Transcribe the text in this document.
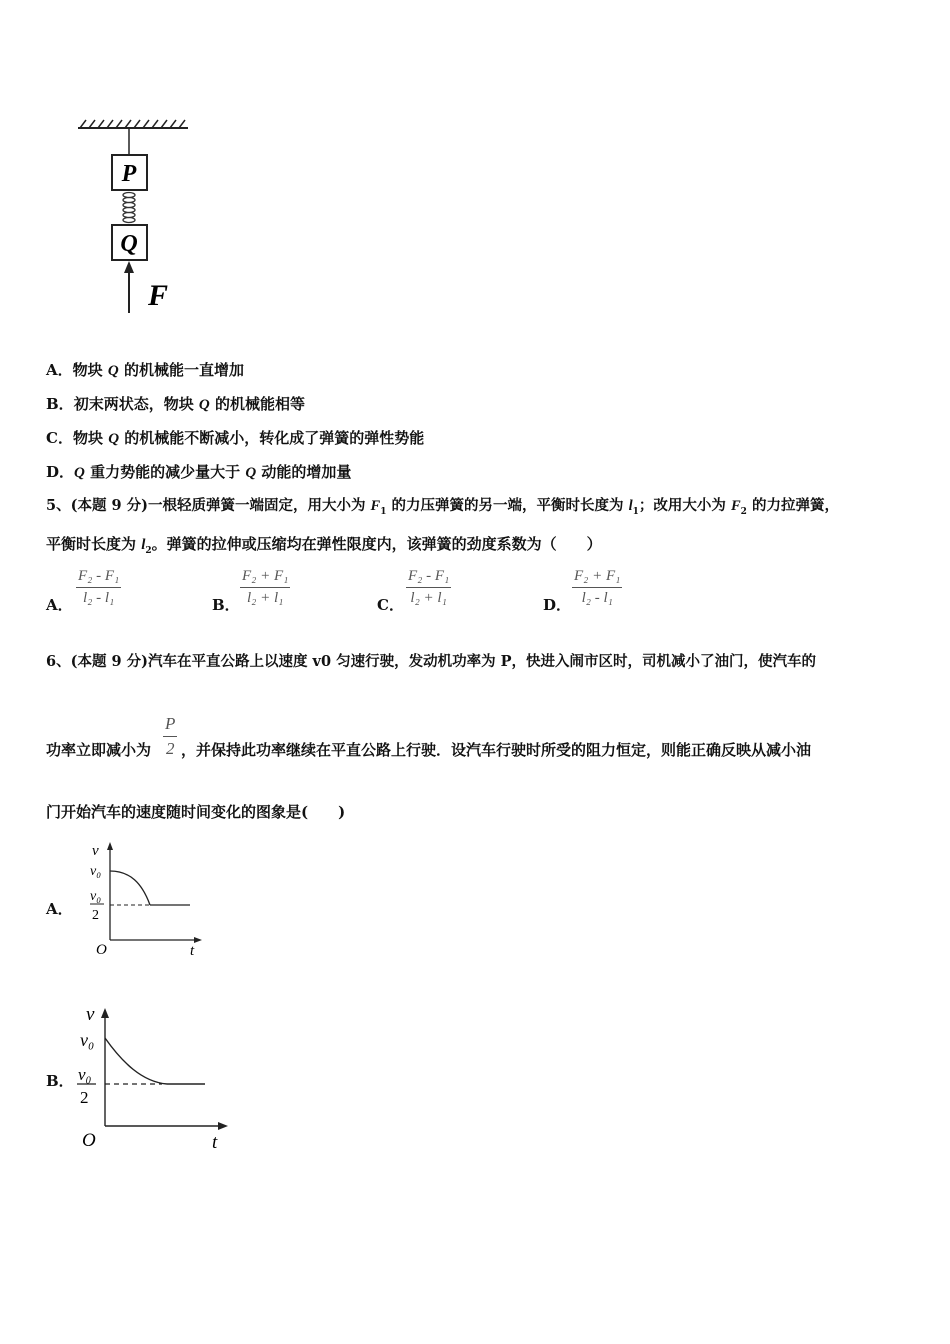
P
Q
F
A．物块 Q 的机械能一直增加
B．初末两状态，物块 Q 的机械能相等
C．物块 Q 的机械能不断减小，转化成了弹簧的弹性势能
D．Q 重力势能的减少量大于 Q 动能的增加量
5、(本题 9 分)一根轻质弹簧一端固定，用大小为 $F_1$ 的力压弹簧的另一端，平衡时长度为 $l_1$；改用大小为 $F_2$ 的力拉弹簧，
平衡时长度为 $l_2$。弹簧的拉伸或压缩均在弹性限度内，该弹簧的劲度系数为（　　）
A．
F₂ - F₁
l₂ - l₁	B．
F₂ + F₁
l₂ + l₁	C．
F₂ - F₁
l₂ + l₁	D．
F₂ + F₁
l₂ - l₁
6、(本题 9 分)汽车在平直公路上以速度 v0 匀速行驶，发动机功率为 P，快进入闹市区时，司机减小了油门，使汽车的
功率立即减小为 ，并保持此功率继续在平直公路上行驶．设汽车行驶时所受的阻力恒定，则能正确反映从减小油
P
2
门开始汽车的速度随时间变化的图象是(　　)
A．
v
v₀
v₀
2
O	t
B．
v
v₀
v₀
2
O	t
